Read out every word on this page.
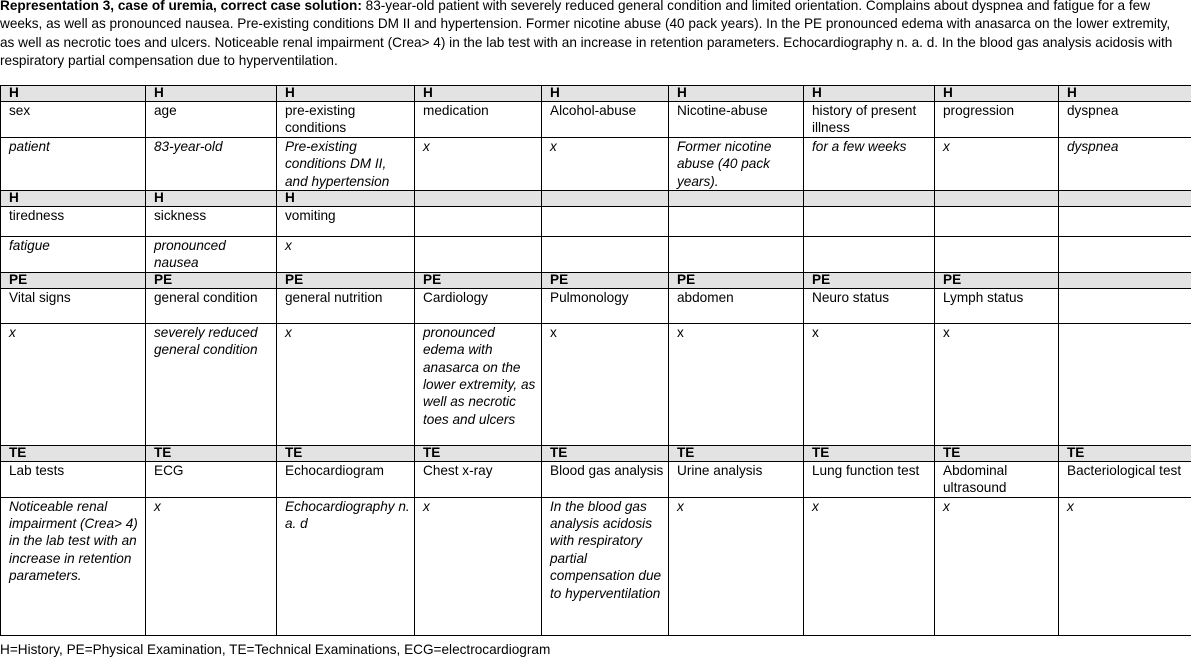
Representation 3, case of uremia, correct case solution: 83-year-old patient with severely reduced general condition and limited orientation. Complains about dyspnea and fatigue for a few weeks, as well as pronounced nausea. Pre-existing conditions DM II and hypertension. Former nicotine abuse (40 pack years). In the PE pronounced edema with anasarca on the lower extremity, as well as necrotic toes and ulcers. Noticeable renal impairment (Crea> 4) in the lab test with an increase in retention parameters. Echocardiography n. a. d. In the blood gas analysis acidosis with respiratory partial compensation due to hyperventilation.

H	H	H	H	H	H	H	H	H
sex	age	pre-existing conditions	medication	Alcohol-abuse	Nicotine-abuse	history of present illness	progression	dyspnea
patient	83-year-old	Pre-existing conditions DM II, and hypertension	x	x	Former nicotine abuse (40 pack years).	for a few weeks	x	dyspnea
H	H	H						
tiredness	sickness	vomiting						
fatigue	pronounced nausea	x						
PE	PE	PE	PE	PE	PE	PE	PE	
Vital signs	general condition	general nutrition	Cardiology	Pulmonology	abdomen	Neuro status	Lymph status	
x	severely reduced general condition	x	pronounced edema with anasarca on the lower extremity, as well as necrotic toes and ulcers	x	x	x	x	
TE	TE	TE	TE	TE	TE	TE	TE	TE
Lab tests	ECG	Echocardiogram	Chest x-ray	Blood gas analysis	Urine analysis	Lung function test	Abdominal ultrasound	Bacteriological test
Noticeable renal impairment (Crea> 4) in the lab test with an increase in retention parameters.	x	Echocardiography n. a. d	x	In the blood gas analysis acidosis with respiratory partial compensation due to hyperventilation	x	x	x	x
H=History, PE=Physical Examination, TE=Technical Examinations, ECG=electrocardiogram
